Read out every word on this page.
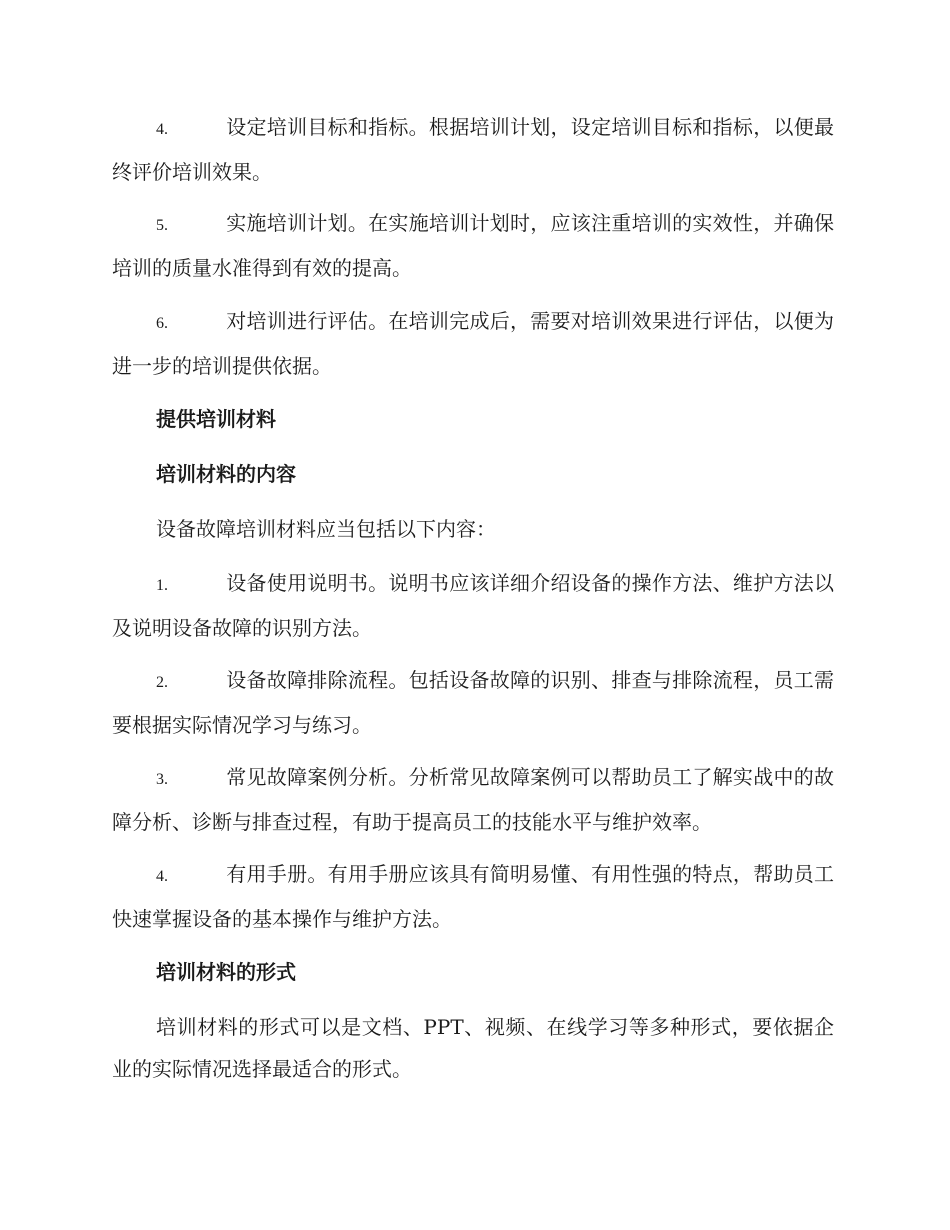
4.	设定培训目标和指标。根据培训计划，设定培训目标和指标，以便最终评价培训效果。

5.	实施培训计划。在实施培训计划时，应该注重培训的实效性，并确保培训的质量水准得到有效的提高。

6.	对培训进行评估。在培训完成后，需要对培训效果进行评估，以便为进一步的培训提供依据。

提供培训材料
培训材料的内容

设备故障培训材料应当包括以下内容：

1.	设备使用说明书。说明书应该详细介绍设备的操作方法、维护方法以及说明设备故障的识别方法。

2.	设备故障排除流程。包括设备故障的识别、排查与排除流程，员工需要根据实际情况学习与练习。

3.	常见故障案例分析。分析常见故障案例可以帮助员工了解实战中的故障分析、诊断与排查过程，有助于提高员工的技能水平与维护效率。

4.	有用手册。有用手册应该具有简明易懂、有用性强的特点，帮助员工快速掌握设备的基本操作与维护方法。

培训材料的形式

培训材料的形式可以是文档、PPT、视频、在线学习等多种形式，要依据企业的实际情况选择最适合的形式。
